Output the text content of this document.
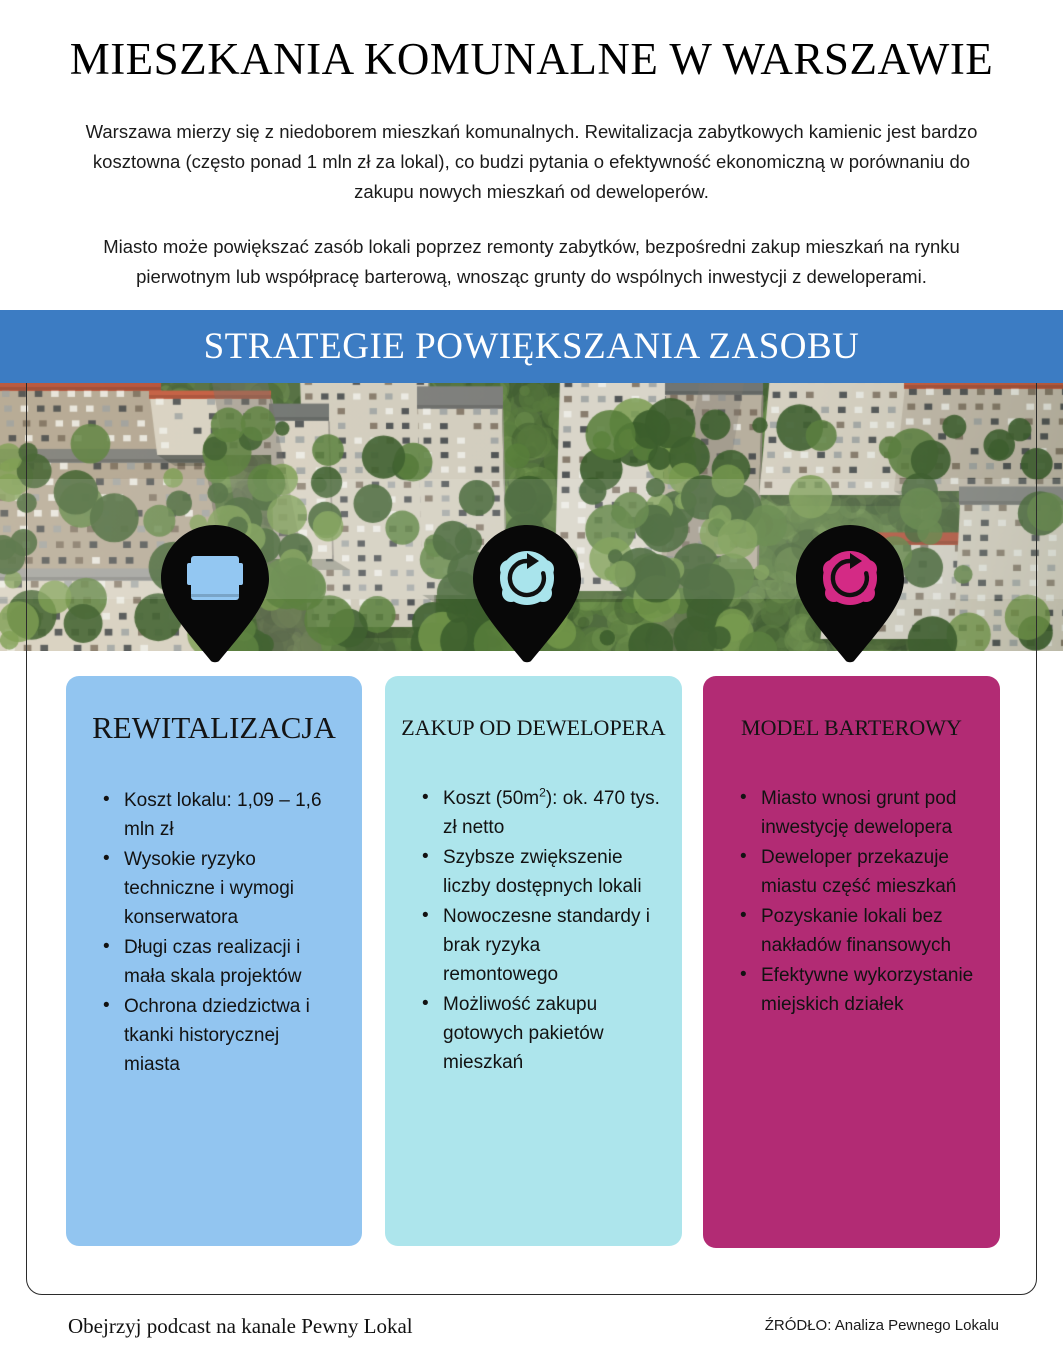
MIESZKANIA KOMUNALNE W WARSZAWIE

Warszawa mierzy się z niedoborem mieszkań komunalnych. Rewitalizacja zabytkowych kamienic jest bardzo kosztowna (często ponad 1 mln zł za lokal), co budzi pytania o efektywność ekonomiczną w porównaniu do zakupu nowych mieszkań od deweloperów.

Miasto może powiększać zasób lokali poprzez remonty zabytków, bezpośredni zakup mieszkań na rynku pierwotnym lub współpracę barterową, wnosząc grunty do wspólnych inwestycji z deweloperami.

STRATEGIE POWIĘKSZANIA ZASOBU
REWITALIZACJA
• Koszt lokalu: 1,09 – 1,6 mln zł
• Wysokie ryzyko techniczne i wymogi konserwatora
• Długi czas realizacji i mała skala projektów
• Ochrona dziedzictwa i tkanki historycznej miasta
ZAKUP OD DEWELOPERA
• Koszt $(50m^2)$: ok. 470 tys. zł netto
• Szybsze zwiększenie liczby dostępnych lokali
• Nowoczesne standardy i brak ryzyka remontowego
• Możliwość zakupu gotowych pakietów mieszkań
MODEL BARTEROWY
• Miasto wnosi grunt pod inwestycję dewelopera
• Deweloper przekazuje miastu część mieszkań
• Pozyskanie lokali bez nakładów finansowych
• Efektywne wykorzystanie miejskich działek
Obejrzyj podcast na kanale Pewny Lokal	ŹRÓDŁO: Analiza Pewnego Lokalu
